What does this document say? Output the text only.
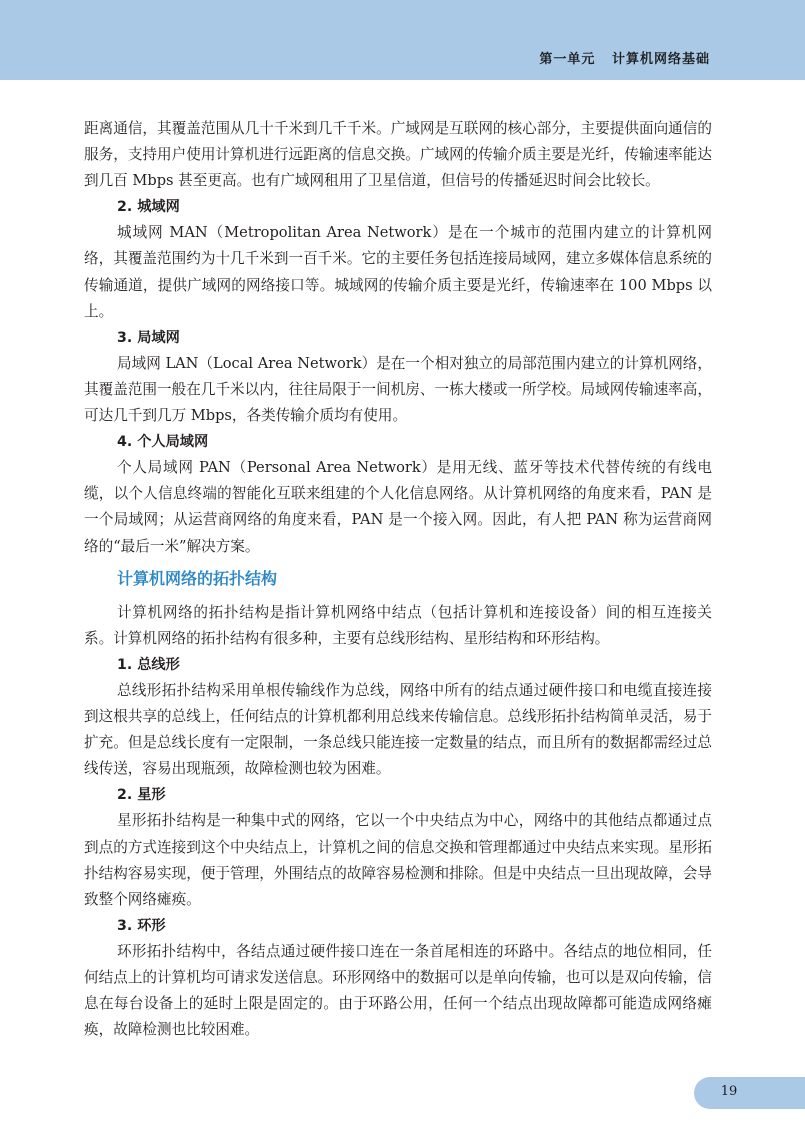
第一单元   计算机网络基础

距离通信，其覆盖范围从几十千米到几千千米。广域网是互联网的核心部分，主要提供面向通信的服务，支持用户使用计算机进行远距离的信息交换。广域网的传输介质主要是光纤，传输速率能达到几百 Mbps 甚至更高。也有广域网租用了卫星信道，但信号的传播延迟时间会比较长。

2. 城域网

城域网 MAN（Metropolitan Area Network）是在一个城市的范围内建立的计算机网络，其覆盖范围约为十几千米到一百千米。它的主要任务包括连接局域网，建立多媒体信息系统的传输通道，提供广域网的网络接口等。城域网的传输介质主要是光纤，传输速率在 100 Mbps 以上。

3. 局域网

局域网 LAN（Local Area Network）是在一个相对独立的局部范围内建立的计算机网络，其覆盖范围一般在几千米以内，往往局限于一间机房、一栋大楼或一所学校。局域网传输速率高，可达几千到几万 Mbps，各类传输介质均有使用。

4. 个人局域网

个人局域网 PAN（Personal Area Network）是用无线、蓝牙等技术代替传统的有线电缆，以个人信息终端的智能化互联来组建的个人化信息网络。从计算机网络的角度来看，PAN 是一个局域网；从运营商网络的角度来看，PAN 是一个接入网。因此，有人把 PAN 称为运营商网络的“最后一米”解决方案。

计算机网络的拓扑结构

计算机网络的拓扑结构是指计算机网络中结点（包括计算机和连接设备）间的相互连接关系。计算机网络的拓扑结构有很多种，主要有总线形结构、星形结构和环形结构。

1. 总线形

总线形拓扑结构采用单根传输线作为总线，网络中所有的结点通过硬件接口和电缆直接连接到这根共享的总线上，任何结点的计算机都利用总线来传输信息。总线形拓扑结构简单灵活，易于扩充。但是总线长度有一定限制，一条总线只能连接一定数量的结点，而且所有的数据都需经过总线传送，容易出现瓶颈，故障检测也较为困难。

2. 星形

星形拓扑结构是一种集中式的网络，它以一个中央结点为中心，网络中的其他结点都通过点到点的方式连接到这个中央结点上，计算机之间的信息交换和管理都通过中央结点来实现。星形拓扑结构容易实现，便于管理，外围结点的故障容易检测和排除。但是中央结点一旦出现故障，会导致整个网络瘫痪。

3. 环形

环形拓扑结构中，各结点通过硬件接口连在一条首尾相连的环路中。各结点的地位相同，任何结点上的计算机均可请求发送信息。环形网络中的数据可以是单向传输，也可以是双向传输，信息在每台设备上的延时上限是固定的。由于环路公用，任何一个结点出现故障都可能造成网络瘫痪，故障检测也比较困难。

19
